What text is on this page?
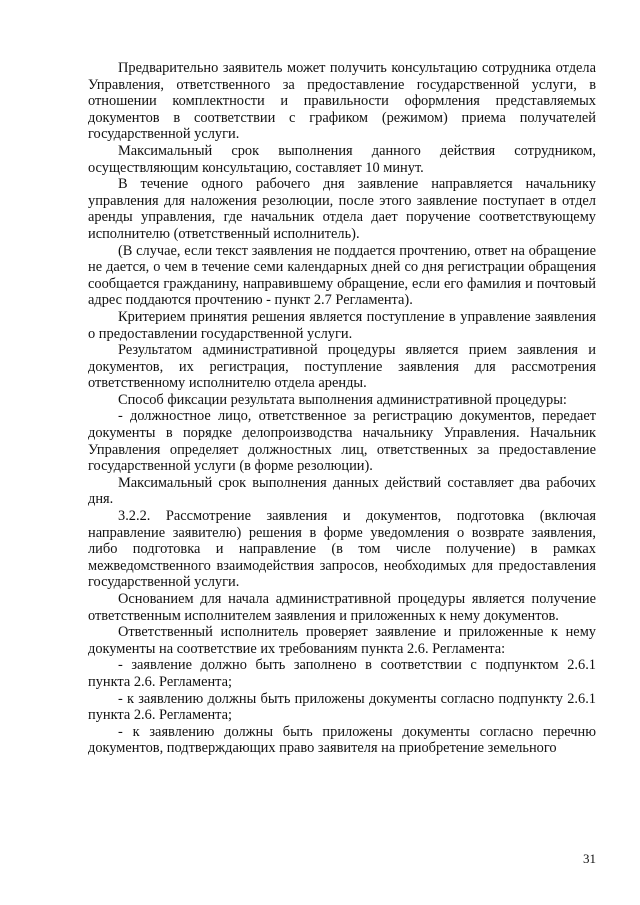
Предварительно заявитель может получить консультацию сотрудника отдела Управления, ответственного за предоставление государственной услуги, в отношении комплектности и правильности оформления представляемых документов в соответствии с графиком (режимом) приема получателей государственной услуги.

Максимальный срок выполнения данного действия сотрудником, осуществляющим консультацию, составляет 10 минут.

В течение одного рабочего дня заявление направляется начальнику управления для наложения резолюции, после этого заявление поступает в отдел аренды управления, где начальник отдела дает поручение соответствующему исполнителю (ответственный исполнитель).

(В случае, если текст заявления не поддается прочтению, ответ на обращение не дается, о чем в течение семи календарных дней со дня регистрации обращения сообщается гражданину, направившему обращение, если его фамилия и почтовый адрес поддаются прочтению - пункт 2.7 Регламента).

Критерием принятия решения является поступление в управление заявления о предоставлении государственной услуги.

Результатом административной процедуры является прием заявления и документов, их регистрация, поступление заявления для рассмотрения ответственному исполнителю отдела аренды.

Способ фиксации результата выполнения административной процедуры:

- должностное лицо, ответственное за регистрацию документов, передает документы в порядке делопроизводства начальнику Управления. Начальник Управления определяет должностных лиц, ответственных за предоставление государственной услуги (в форме резолюции).

Максимальный срок выполнения данных действий составляет два рабочих дня.

3.2.2. Рассмотрение заявления и документов, подготовка (включая направление заявителю) решения в форме уведомления о возврате заявления, либо подготовка и направление (в том числе получение) в рамках межведомственного взаимодействия запросов, необходимых для предоставления государственной услуги.

Основанием для начала административной процедуры является получение ответственным исполнителем заявления и приложенных к нему документов.

Ответственный исполнитель проверяет заявление и приложенные к нему документы на соответствие их требованиям пункта 2.6. Регламента:

- заявление должно быть заполнено в соответствии с подпунктом 2.6.1 пункта 2.6. Регламента;

- к заявлению должны быть приложены документы согласно подпункту 2.6.1 пункта 2.6. Регламента;

- к заявлению должны быть приложены документы согласно перечню документов, подтверждающих право заявителя на приобретение земельного

31
